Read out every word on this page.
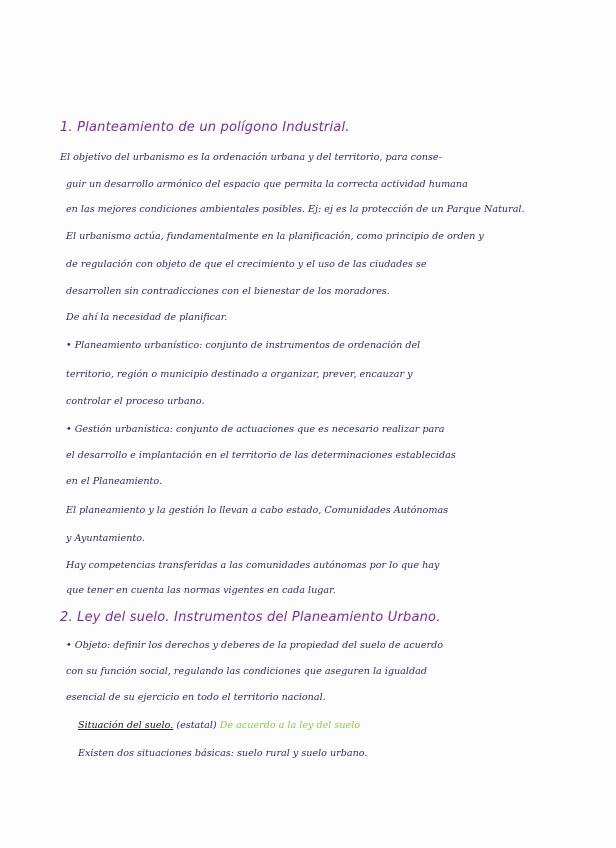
1. Planteamiento de un polígono Industrial.
El objetivo del urbanismo es la ordenación urbana y del territorio, para conse-
guir un desarrollo armónico del espacio que permita la correcta actividad humana
en las mejores condiciones ambientales posibles. Ej: ej es la protección de un Parque Natural.
El urbanismo actúa, fundamentalmente en la planificación, como principio de orden y
de regulación con objeto de que el crecimiento y el uso de las ciudades se
desarrollen sin contradicciones con el bienestar de los moradores.
De ahí la necesidad de planificar.
• Planeamiento urbanístico: conjunto de instrumentos de ordenación del
territorio, región o municipio destinado a organizar, prever, encauzar y
controlar el proceso urbano.
• Gestión urbanística: conjunto de actuaciones que es necesario realizar para
el desarrollo e implantación en el territorio de las determinaciones establecidas
en el Planeamiento.
El planeamiento y la gestión lo llevan a cabo estado, Comunidades Autónomas
y Ayuntamiento.
Hay competencias transferidas a las comunidades autónomas por lo que hay
que tener en cuenta las normas vigentes en cada lugar.
2. Ley del suelo. Instrumentos del Planeamiento Urbano.
• Objeto: definir los derechos y deberes de la propiedad del suelo de acuerdo
con su función social, regulando las condiciones que aseguren la igualdad
esencial de su ejercicio en todo el territorio nacional.
Situación del suelo. (estatal) De acuerdo a la ley del suelo
Existen dos situaciones básicas: suelo rural y suelo urbano.
